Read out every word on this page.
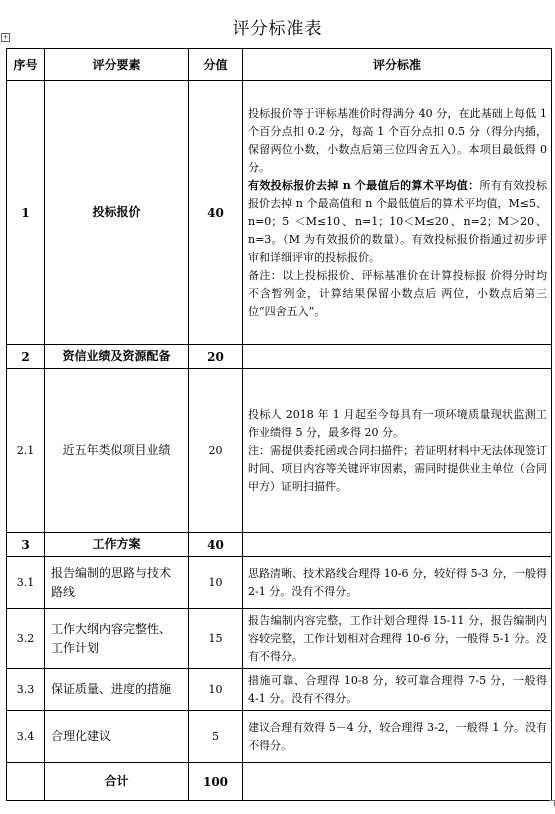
评分标准表
+
序号	评分要素	分值	评分标准
1	投标报价	40	投标报价等于评标基准价时得满分 40 分，在此基础上每低 1 个百分点扣 0.2 分，每高 1 个百分点扣 0.5 分（得分内插，保留两位小数，小数点后第三位四舍五入）。本项目最低得 0 分。

有效投标报价去掉 n 个最值后的算术平均值：所有有效投标报价去掉 n 个最高值和 n 个最低值后的算术平均值，M≤5、n=0；5 ＜M≤10、n=1；10＜M≤20、n=2；M＞20、n=3。（M 为有效报价的数量）。有效投标报价指通过初步评审和详细评审的投标报价。

备注：以上投标报价、评标基准价在计算投标报 价得分时均不含暂列金，计算结果保留小数点后 两位，小数点后第三位“四舍五入”。

2	资信业绩及资源配备	20	
2.1	近五年类似项目业绩	20	投标人 2018 年 1 月起至今每具有一项环境质量现状监测工作业绩得 5 分，最多得 20 分。

注：需提供委托函或合同扫描件；若证明材料中无法体现签订时间、项目内容等关键评审因素，需同时提供业主单位（合同甲方）证明扫描件。

3	工作方案	40	
3.1	报告编制的思路与技术路线	10	思路清晰、技术路线合理得 10-6 分，较好得 5-3 分，一般得 2-1 分。没有不得分。
3.2	工作大纲内容完整性、工作计划	15	报告编制内容完整，工作计划合理得 15-11 分，报告编制内容较完整，工作计划相对合理得 10-6 分，一般得 5-1 分。没有不得分。
3.3	保证质量、进度的措施	10	措施可靠、合理得 10-8 分，较可靠合理得 7-5 分，一般得 4-1 分。没有不得分。
3.4	合理化建议	5	建议合理有效得 5－4 分，较合理得 3-2，一般得 1 分。没有不得分。
	合计	100	
